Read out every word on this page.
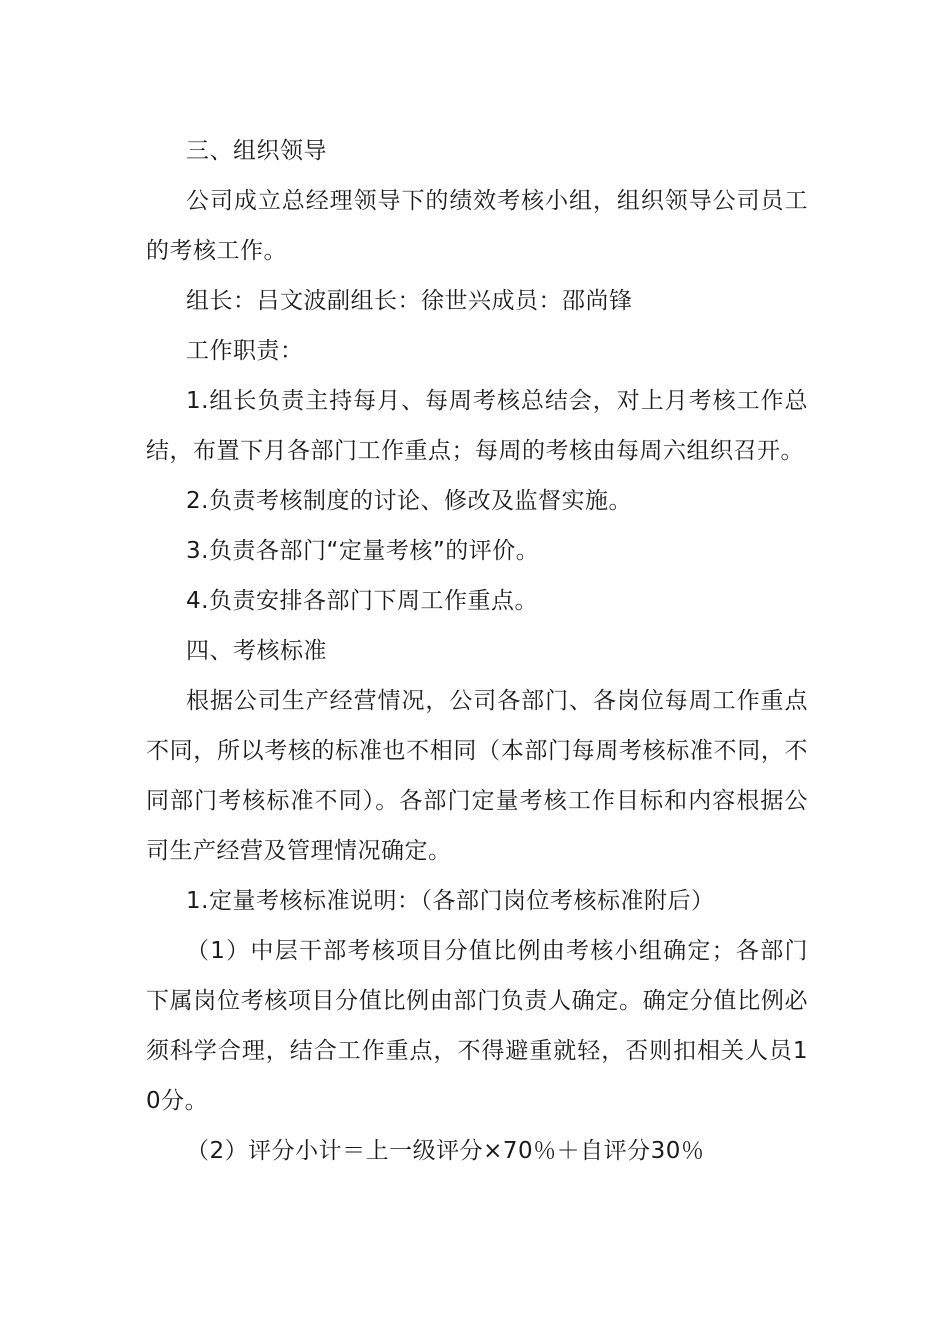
三、组织领导

公司成立总经理领导下的绩效考核小组，组织领导公司员工的考核工作。

组长：吕文波副组长：徐世兴成员：邵尚锋

工作职责：

1.组长负责主持每月、每周考核总结会，对上月考核工作总结，布置下月各部门工作重点；每周的考核由每周六组织召开。

2.负责考核制度的讨论、修改及监督实施。

3.负责各部门“定量考核”的评价。

4.负责安排各部门下周工作重点。

四、考核标准

根据公司生产经营情况，公司各部门、各岗位每周工作重点不同，所以考核的标准也不相同（本部门每周考核标准不同，不同部门考核标准不同）。各部门定量考核工作目标和内容根据公司生产经营及管理情况确定。

1.定量考核标准说明：（各部门岗位考核标准附后）

（1）中层干部考核项目分值比例由考核小组确定；各部门下属岗位考核项目分值比例由部门负责人确定。确定分值比例必须科学合理，结合工作重点，不得避重就轻，否则扣相关人员10分。

（2）评分小计＝上一级评分×70％＋自评分30％
